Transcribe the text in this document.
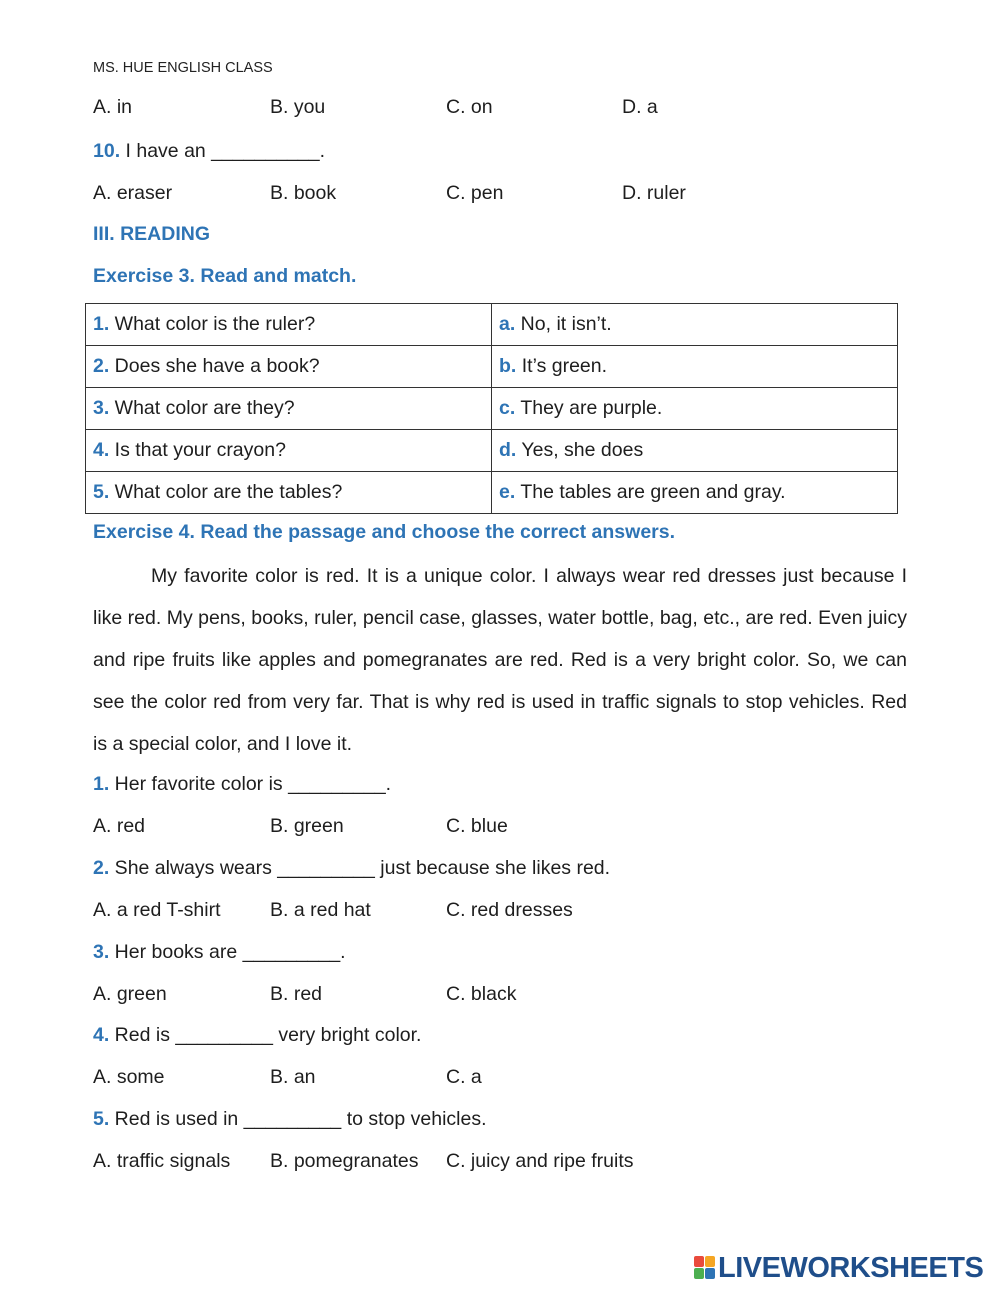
MS. HUE ENGLISH CLASS
A. in	B. you	C. on	D. a
10. I have an __________.
A. eraser	B. book	C. pen	D. ruler
III. READING
Exercise 3. Read and match.
1. What color is the ruler?	a. No, it isn’t.
2. Does she have a book?	b. It’s green.
3. What color are they?	c. They are purple.
4. Is that your crayon?	d. Yes, she does
5. What color are the tables?	e. The tables are green and gray.
Exercise 4. Read the passage and choose the correct answers.

My favorite color is red. It is a unique color. I always wear red dresses just because I like red. My pens, books, ruler, pencil case, glasses, water bottle, bag, etc., are red. Even juicy and ripe fruits like apples and pomegranates are red. Red is a very bright color. So, we can see the color red from very far. That is why red is used in traffic signals to stop vehicles. Red is a special color, and I love it.

1. Her favorite color is _________.
A. red	B. green	C. blue
2. She always wears _________ just because she likes red.
A. a red T-shirt	B. a red hat	C. red dresses
3. Her books are _________.
A. green	B. red	C. black
4. Red is _________ very bright color.
A. some	B. an	C. a
5. Red is used in _________ to stop vehicles.
A. traffic signals B. pomegranates C. juicy and ripe fruits
LIVEWORKSHEETS
